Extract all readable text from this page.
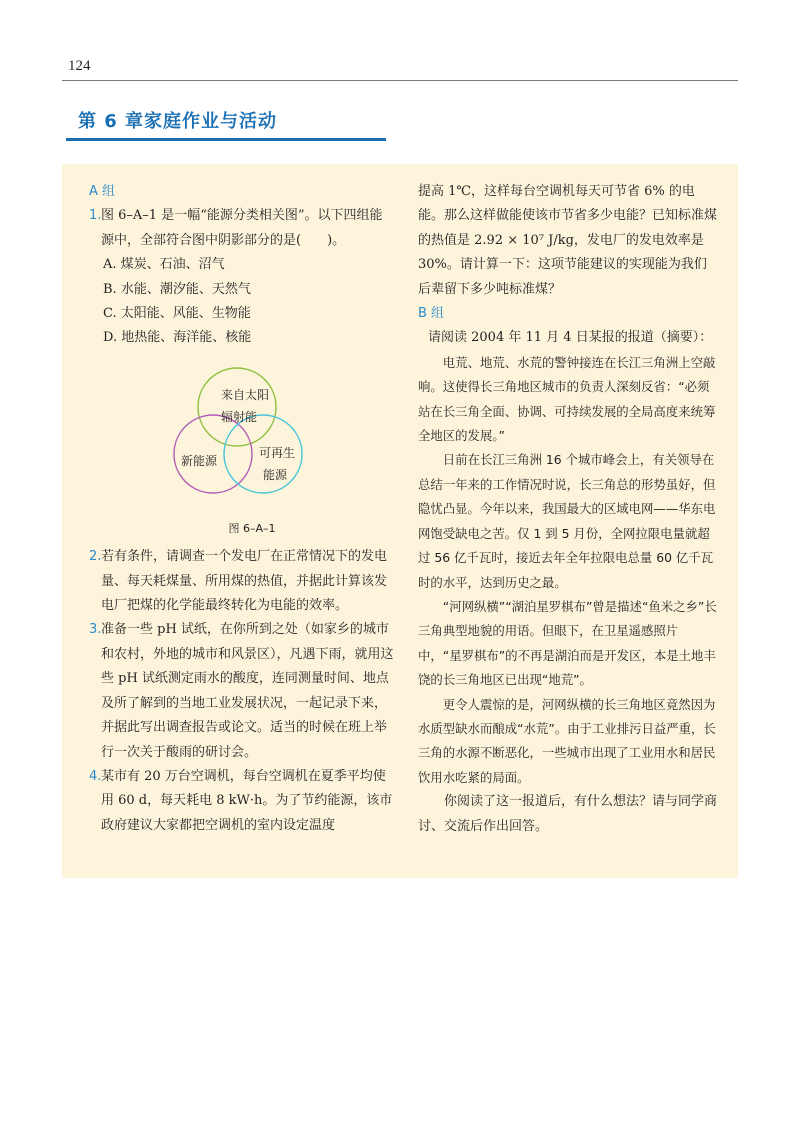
124
第 6 章家庭作业与活动
A 组
1. 图 6–A–1 是一幅“能源分类相关图”。以下四组能源中，全部符合图中阴影部分的是(　　)。
A. 煤炭、石油、沼气
B. 水能、潮汐能、天然气
C. 太阳能、风能、生物能
D. 地热能、海洋能、核能
来自太阳
辐射能
新能源
可再生
能源
图 6–A–1
2. 若有条件，请调查一个发电厂在正常情况下的发电量、每天耗煤量、所用煤的热值，并据此计算该发电厂把煤的化学能最终转化为电能的效率。
3. 准备一些 pH 试纸，在你所到之处（如家乡的城市和农村，外地的城市和风景区），凡遇下雨，就用这些 pH 试纸测定雨水的酸度，连同测量时间、地点及所了解到的当地工业发展状况，一起记录下来，并据此写出调查报告或论文。适当的时候在班上举行一次关于酸雨的研讨会。
4. 某市有 20 万台空调机，每台空调机在夏季平均使用 60 d，每天耗电 8 kW·h。为了节约能源，该市政府建议大家都把空调机的室内设定温度
提高 1℃，这样每台空调机每天可节省 6% 的电能。那么这样做能使该市节省多少电能？已知标准煤的热值是 2.92 × 10⁷ J/kg，发电厂的发电效率是 30%。请计算一下：这项节能建议的实现能为我们后辈留下多少吨标准煤？
B 组
请阅读 2004 年 11 月 4 日某报的报道（摘要）：

电荒、地荒、水荒的警钟接连在长江三角洲上空敲响。这使得长三角地区城市的负责人深刻反省：“必须站在长三角全面、协调、可持续发展的全局高度来统筹全地区的发展。”

日前在长江三角洲 16 个城市峰会上，有关领导在总结一年来的工作情况时说，长三角总的形势虽好，但隐忧凸显。今年以来，我国最大的区域电网——华东电网饱受缺电之苦。仅 1 到 5 月份，全网拉限电量就超过 56 亿千瓦时，接近去年全年拉限电总量 60 亿千瓦时的水平，达到历史之最。

“河网纵横”“湖泊星罗棋布”曾是描述“鱼米之乡”长三角典型地貌的用语。但眼下，在卫星遥感照片中，“星罗棋布”的不再是湖泊而是开发区，本是土地丰饶的长三角地区已出现“地荒”。

更令人震惊的是，河网纵横的长三角地区竟然因为水质型缺水而酿成“水荒”。由于工业排污日益严重，长三角的水源不断恶化，一些城市出现了工业用水和居民饮用水吃紧的局面。

你阅读了这一报道后，有什么想法？请与同学商讨、交流后作出回答。
